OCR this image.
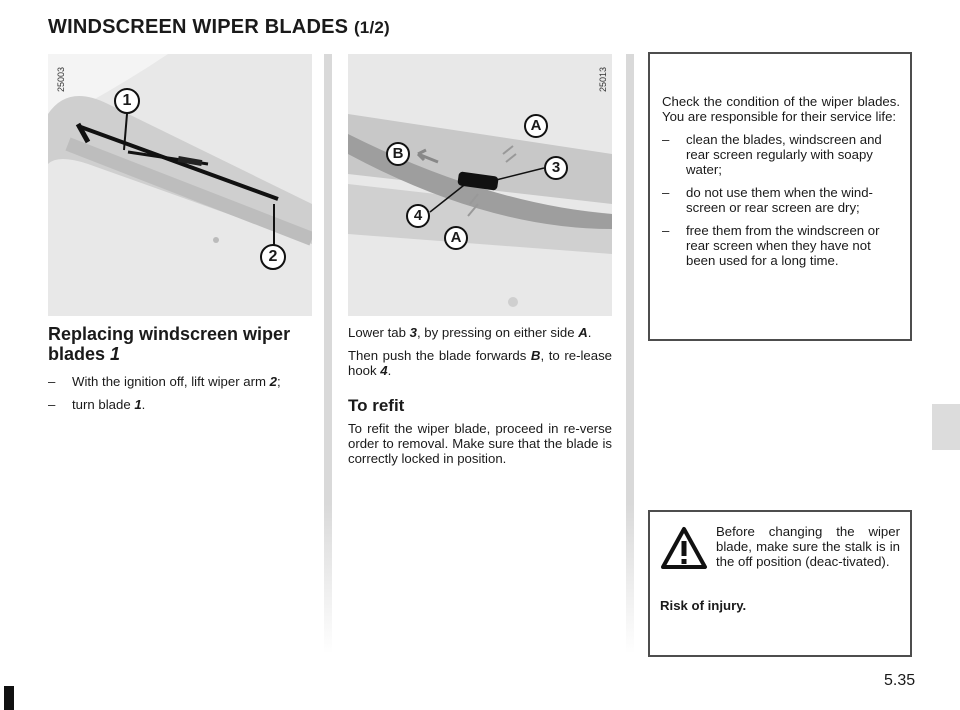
WINDSCREEN WIPER BLADES (1/2)
1
2
25003
A
B
3
4
A
25013
Replacing windscreen wiper blades 1
– With the ignition off, lift wiper arm 2;
– turn blade 1.

Lower tab 3, by pressing on either side A.

Then push the blade forwards B, to re-lease hook 4.

To refit

To refit the wiper blade, proceed in re-verse order to removal. Make sure that the blade is correctly locked in position.

Check the condition of the wiper blades. You are responsible for their service life:

– clean the blades, windscreen and rear screen regularly with soapy water;
– do not use them when the wind-screen or rear screen are dry;
– free them from the windscreen or rear screen when they have not been used for a long time.

Before changing the wiper blade, make sure the stalk is in the off position (deac-tivated).

Risk of injury.

5.35
